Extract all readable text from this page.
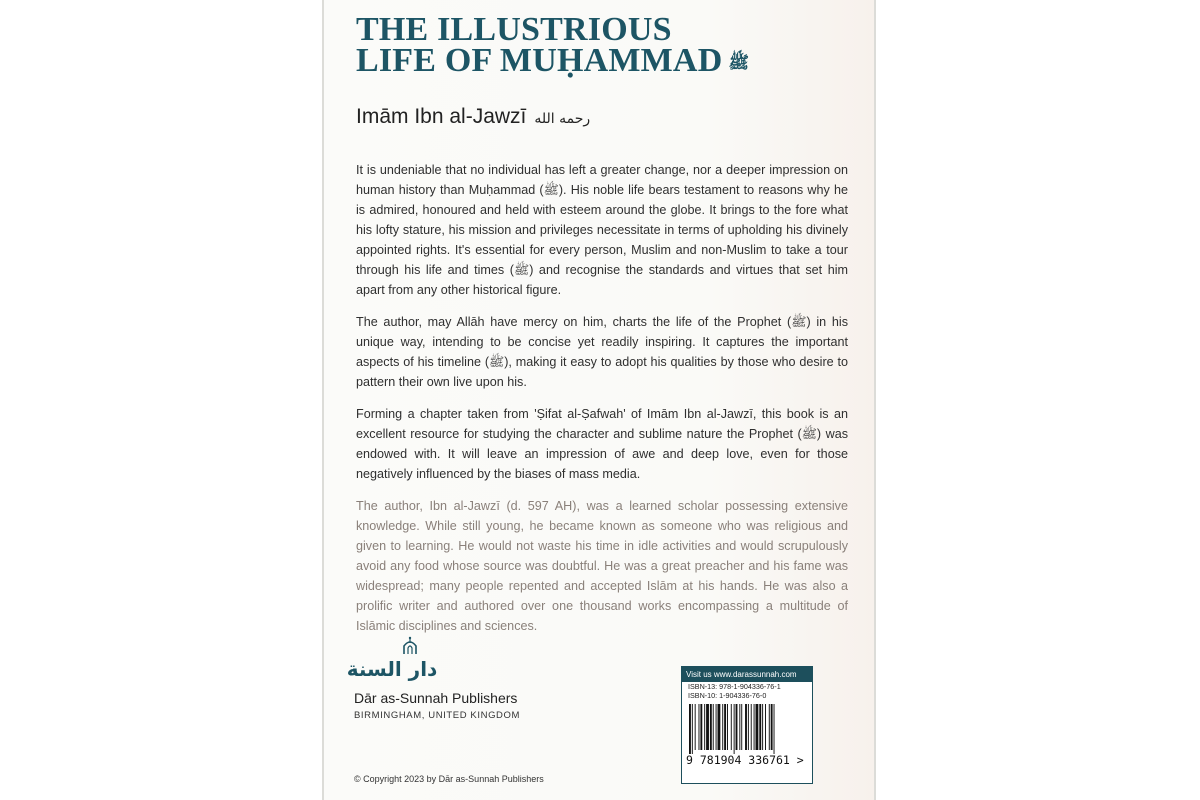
THE ILLUSTRIOUS
LIFE OF MUḤAMMAD ﷺ
Imām Ibn al-Jawzī رحمه الله

It is undeniable that no individual has left a greater change, nor a deeper impression on human history than Muḥammad (ﷺ). His noble life bears testament to reasons why he is admired, honoured and held with esteem around the globe. It brings to the fore what his lofty stature, his mission and privileges necessitate in terms of upholding his divinely appointed rights. It's essential for every person, Muslim and non-Muslim to take a tour through his life and times (ﷺ) and recognise the standards and virtues that set him apart from any other historical figure.

The author, may Allāh have mercy on him, charts the life of the Prophet (ﷺ) in his unique way, intending to be concise yet readily inspiring. It captures the important aspects of his timeline (ﷺ), making it easy to adopt his qualities by those who desire to pattern their own live upon his.

Forming a chapter taken from 'Ṣifat al-Ṣafwah' of Imām Ibn al-Jawzī, this book is an excellent resource for studying the character and sublime nature the Prophet (ﷺ) was endowed with. It will leave an impression of awe and deep love, even for those negatively influenced by the biases of mass media.

The author, Ibn al-Jawzī (d. 597 AH), was a learned scholar possessing extensive knowledge. While still young, he became known as someone who was religious and given to learning. He would not waste his time in idle activities and would scrupulously avoid any food whose source was doubtful. He was a great preacher and his fame was widespread; many people repented and accepted Islām at his hands. He was also a prolific writer and authored over one thousand works encompassing a multitude of Islāmic disciplines and sciences.

دار السنة
Dār as-Sunnah Publishers
BIRMINGHAM, UNITED KINGDOM
© Copyright 2023 by Dār as-Sunnah Publishers
Visit us www.darassunnah.com
ISBN-13: 978-1-904336-76-1
ISBN-10: 1-904336-76-0
9 781904 336761 >
